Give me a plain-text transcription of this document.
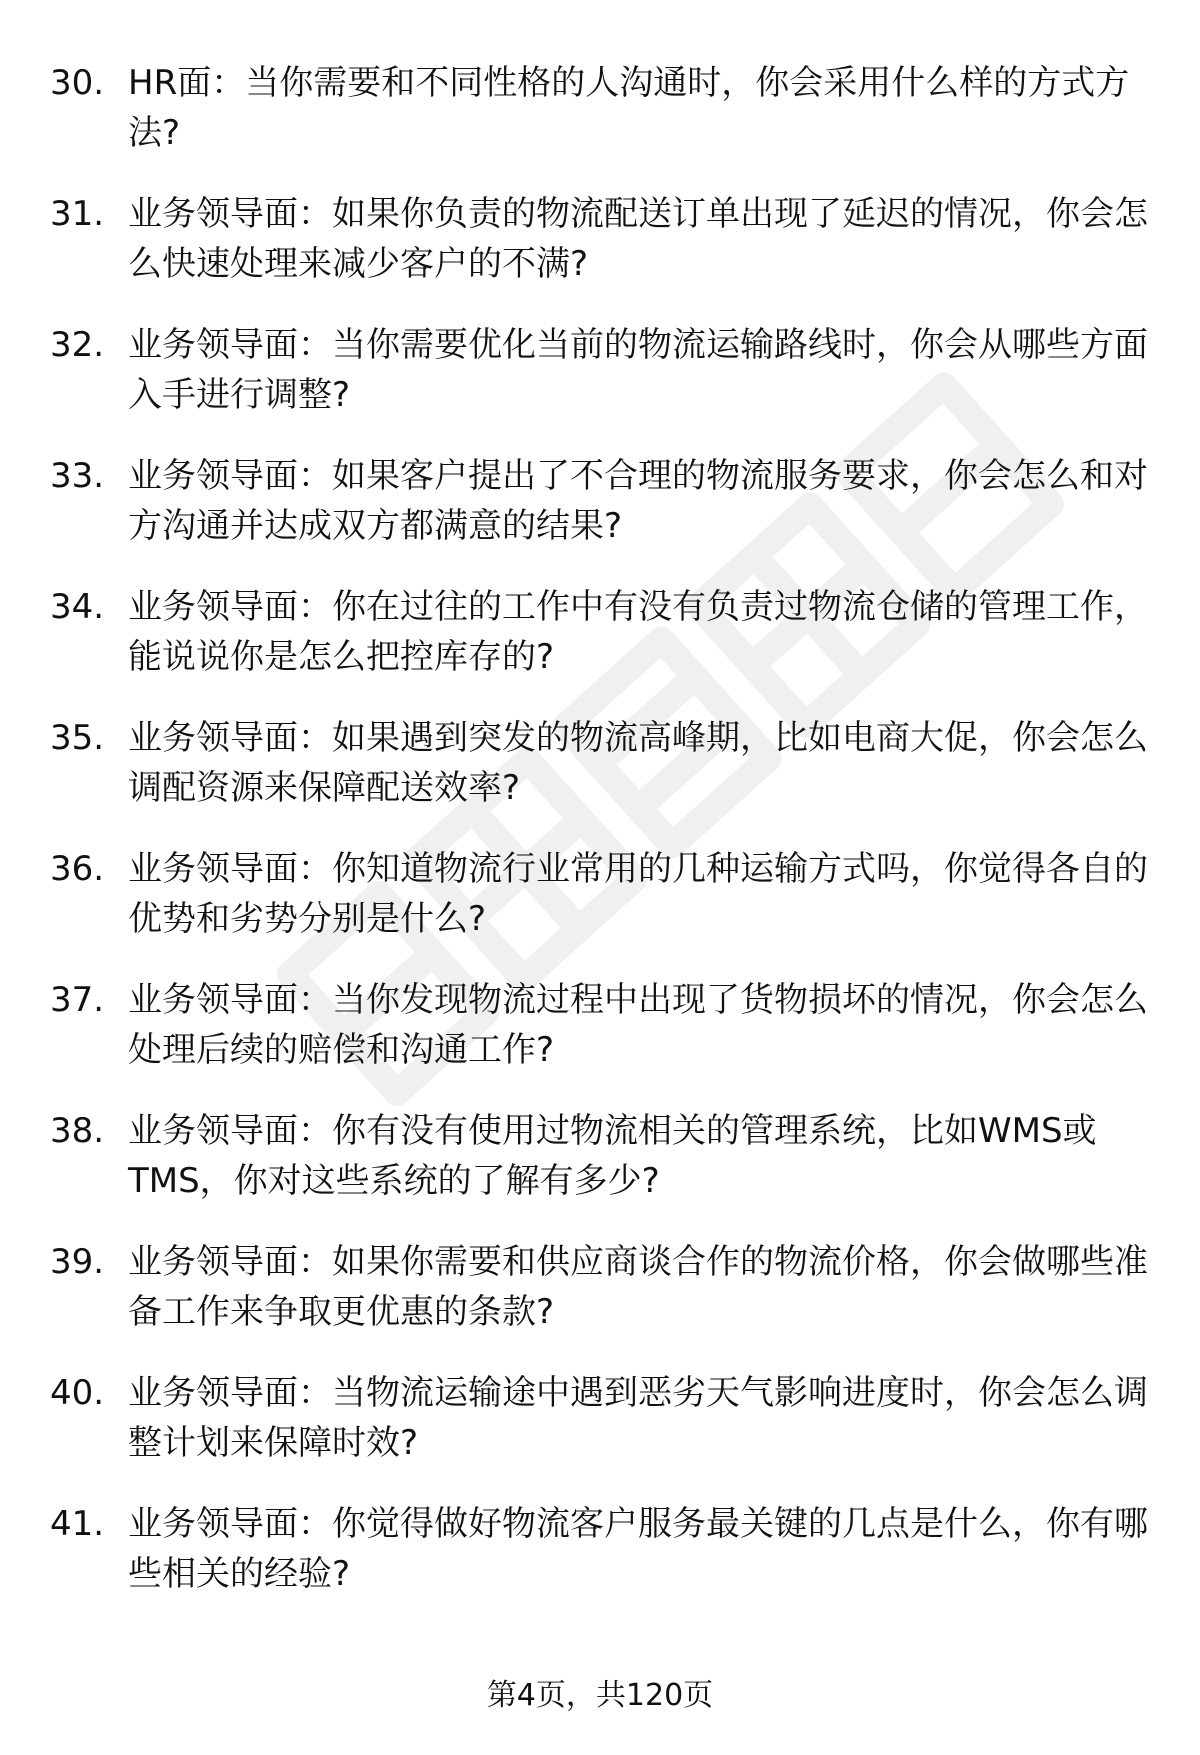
30. HR面：当你需要和不同性格的人沟通时，你会采用什么样的方式方法?
31. 业务领导面：如果你负责的物流配送订单出现了延迟的情况，你会怎么快速处理来减少客户的不满?
32. 业务领导面：当你需要优化当前的物流运输路线时，你会从哪些方面入手进行调整?
33. 业务领导面：如果客户提出了不合理的物流服务要求，你会怎么和对方沟通并达成双方都满意的结果?
34. 业务领导面：你在过往的工作中有没有负责过物流仓储的管理工作，能说说你是怎么把控库存的?
35. 业务领导面：如果遇到突发的物流高峰期，比如电商大促，你会怎么调配资源来保障配送效率?
36. 业务领导面：你知道物流行业常用的几种运输方式吗，你觉得各自的优势和劣势分别是什么?
37. 业务领导面：当你发现物流过程中出现了货物损坏的情况，你会怎么处理后续的赔偿和沟通工作?
38. 业务领导面：你有没有使用过物流相关的管理系统，比如WMS或TMS，你对这些系统的了解有多少?
39. 业务领导面：如果你需要和供应商谈合作的物流价格，你会做哪些准备工作来争取更优惠的条款?
40. 业务领导面：当物流运输途中遇到恶劣天气影响进度时，你会怎么调整计划来保障时效?
41. 业务领导面：你觉得做好物流客户服务最关键的几点是什么，你有哪些相关的经验?
第4页，共120页
